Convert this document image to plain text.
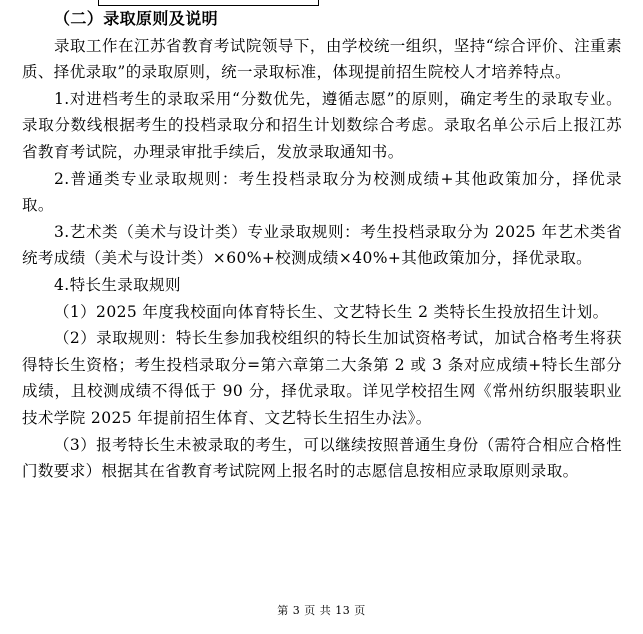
（二）录取原则及说明

录取工作在江苏省教育考试院领导下，由学校统一组织，坚持“综合评价、注重素质、择优录取”的录取原则，统一录取标准，体现提前招生院校人才培养特点。

1.对进档考生的录取采用“分数优先，遵循志愿”的原则，确定考生的录取专业。录取分数线根据考生的投档录取分和招生计划数综合考虑。录取名单公示后上报江苏省教育考试院，办理录审批手续后，发放录取通知书。

2.普通类专业录取规则：考生投档录取分为校测成绩+其他政策加分，择优录取。

3.艺术类（美术与设计类）专业录取规则：考生投档录取分为 2025 年艺术类省统考成绩（美术与设计类）×60%+校测成绩×40%+其他政策加分，择优录取。

4.特长生录取规则

（1）2025 年度我校面向体育特长生、文艺特长生 2 类特长生投放招生计划。

（2）录取规则：特长生参加我校组织的特长生加试资格考试，加试合格考生将获得特长生资格；考生投档录取分=第六章第二大条第 2 或 3 条对应成绩+特长生部分成绩，且校测成绩不得低于 90 分，择优录取。详见学校招生网《常州纺织服装职业技术学院 2025 年提前招生体育、文艺特长生招生办法》。

（3）报考特长生未被录取的考生，可以继续按照普通生身份（需符合相应合格性门数要求）根据其在省教育考试院网上报名时的志愿信息按相应录取原则录取。

第 3 页 共 13 页
